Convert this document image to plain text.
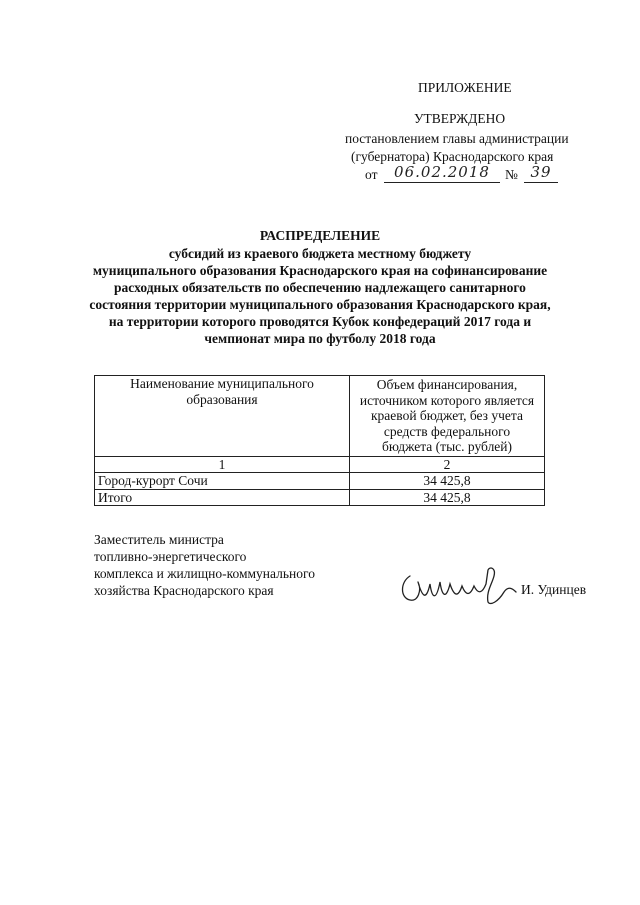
ПРИЛОЖЕНИЕ
УТВЕРЖДЕНО
постановлением главы администрации
(губернатора) Краснодарского края
от	06.02.2018	№ 39
РАСПРЕДЕЛЕНИЕ
субсидий из краевого бюджета местному бюджету
муниципального образования Краснодарского края на софинансирование
расходных обязательств по обеспечению надлежащего санитарного
состояния территории муниципального образования Краснодарского края,
на территории которого проводятся Кубок конфедераций 2017 года и
чемпионат мира по футболу 2018 года
Наименование муниципального образования	Объем финансирования, источником которого является краевой бюджет, без учета средств федерального бюджета (тыс. рублей)
1	2
Город-курорт Сочи	34 425,8
Итого	34 425,8
Заместитель министра
топливно-энергетического
комплекса и жилищно-коммунального
хозяйства Краснодарского края	И. Удинцев
